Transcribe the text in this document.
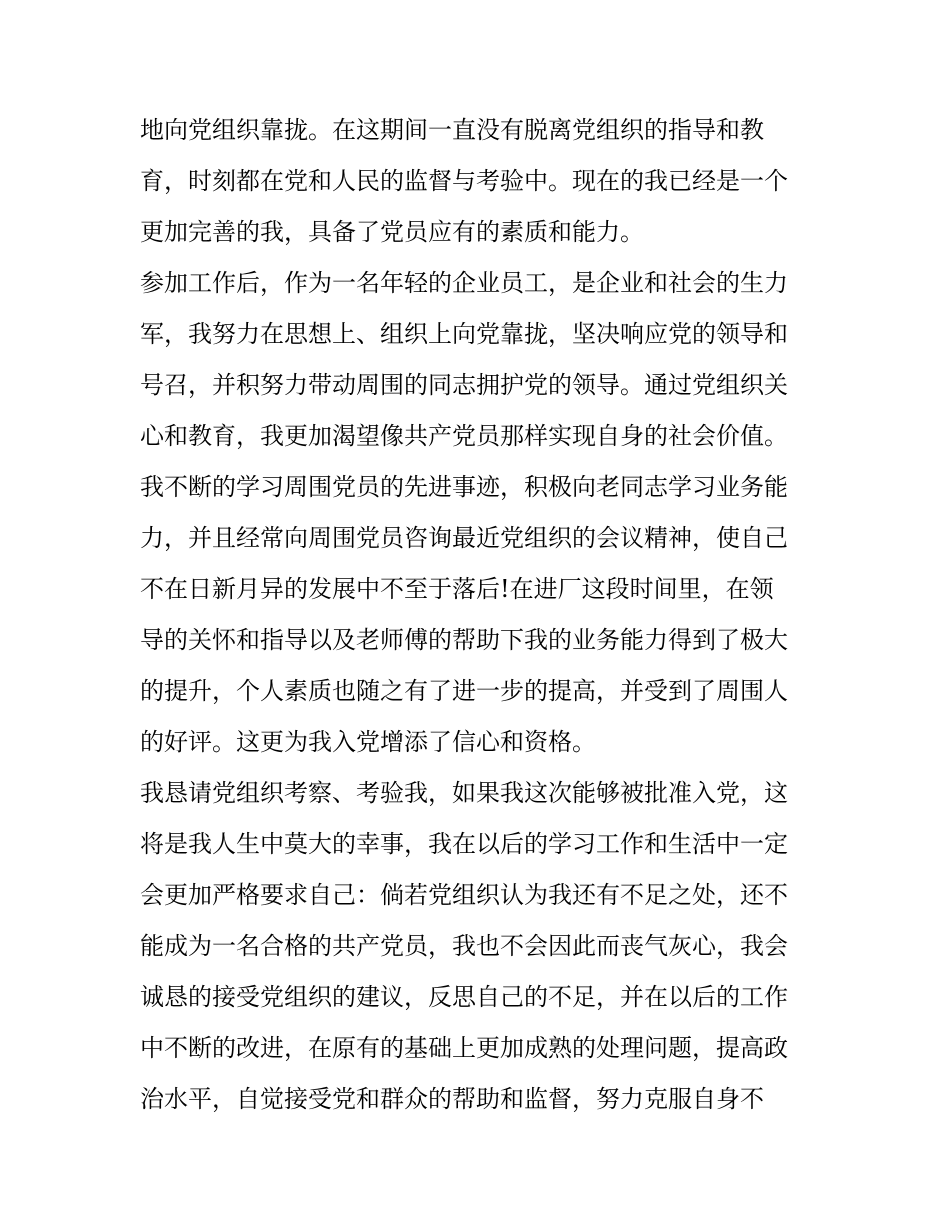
地向党组织靠拢。在这期间一直没有脱离党组织的指导和教
育，时刻都在党和人民的监督与考验中。现在的我已经是一个
更加完善的我，具备了党员应有的素质和能力。
参加工作后，作为一名年轻的企业员工，是企业和社会的生力
军，我努力在思想上、组织上向党靠拢，坚决响应党的领导和
号召，并积努力带动周围的同志拥护党的领导。通过党组织关
心和教育，我更加渴望像共产党员那样实现自身的社会价值。
我不断的学习周围党员的先进事迹，积极向老同志学习业务能
力，并且经常向周围党员咨询最近党组织的会议精神，使自己
不在日新月异的发展中不至于落后!在进厂这段时间里，在领
导的关怀和指导以及老师傅的帮助下我的业务能力得到了极大
的提升，个人素质也随之有了进一步的提高，并受到了周围人
的好评。这更为我入党增添了信心和资格。
我恳请党组织考察、考验我，如果我这次能够被批准入党，这
将是我人生中莫大的幸事，我在以后的学习工作和生活中一定
会更加严格要求自己：倘若党组织认为我还有不足之处，还不
能成为一名合格的共产党员，我也不会因此而丧气灰心，我会
诚恳的接受党组织的建议，反思自己的不足，并在以后的工作
中不断的改进，在原有的基础上更加成熟的处理问题，提高政
治水平，自觉接受党和群众的帮助和监督，努力克服自身不
